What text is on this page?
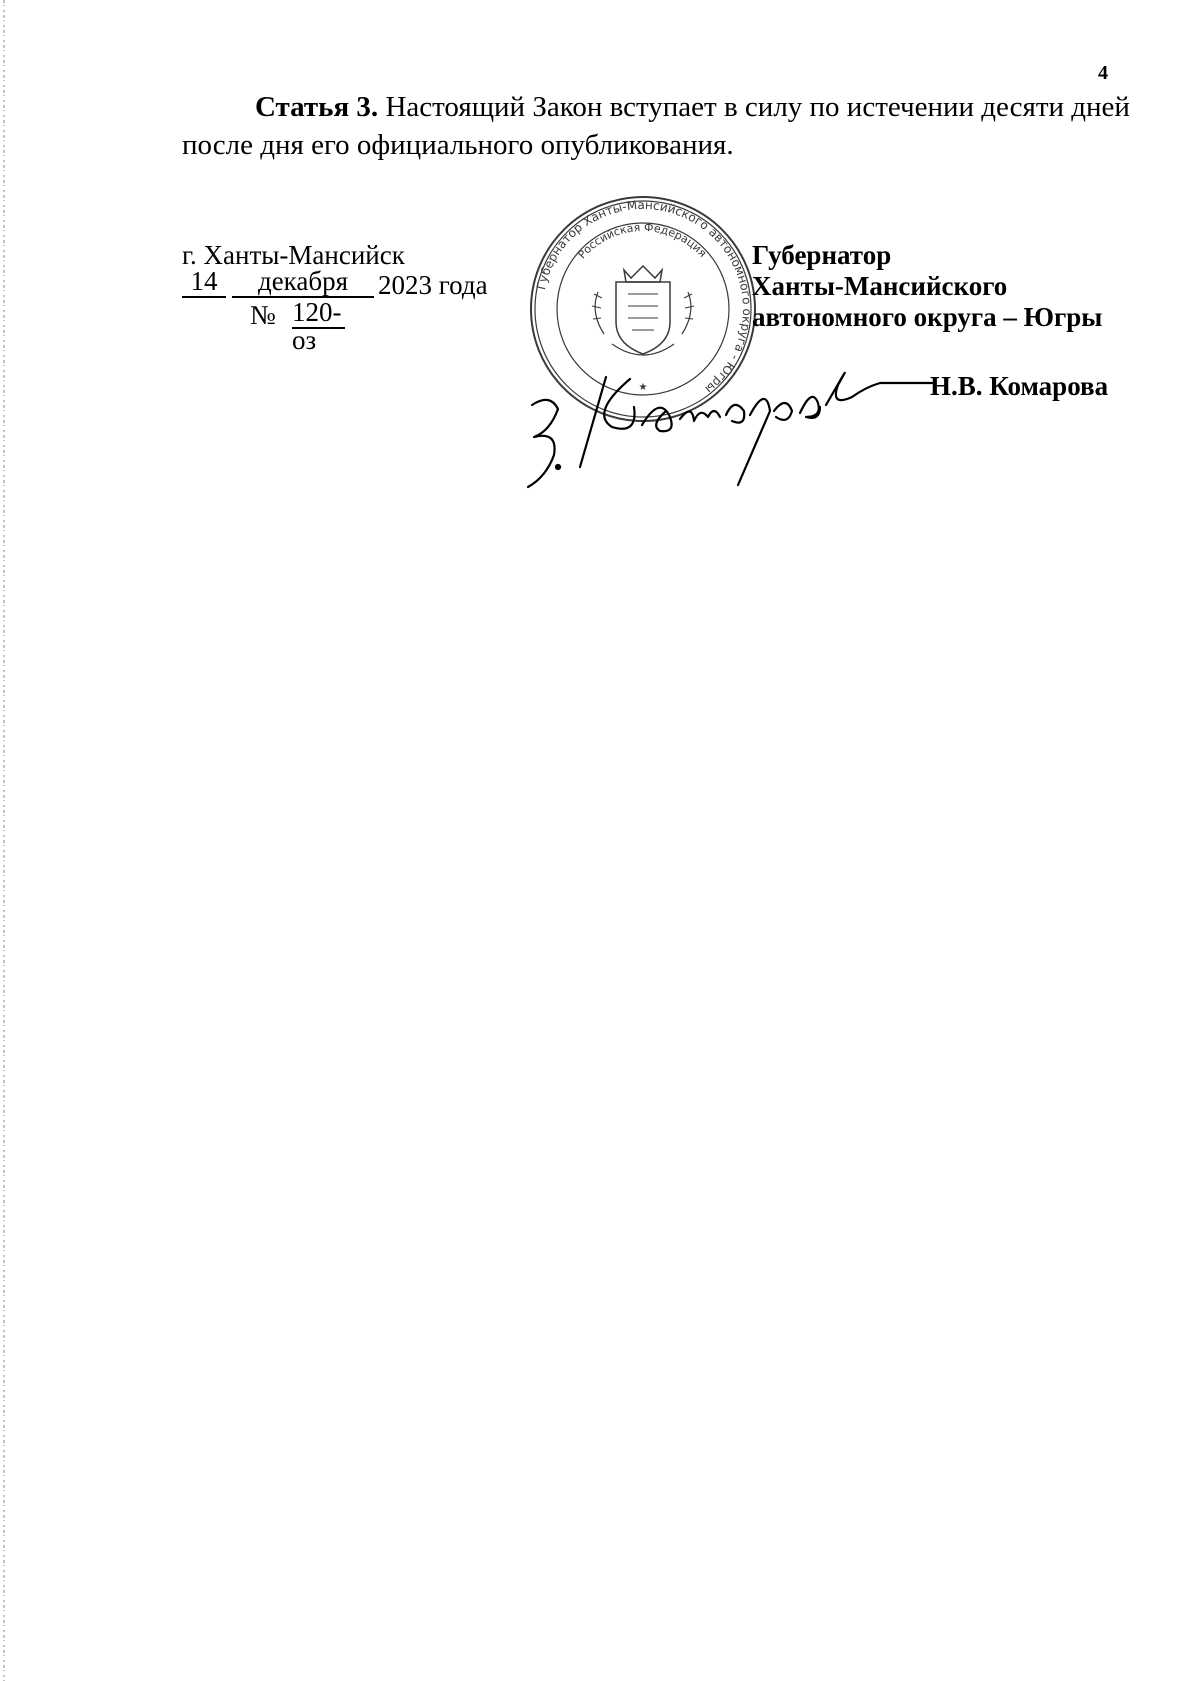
4
Статья 3. Настоящий Закон вступает в силу по истечении десяти дней
после дня его официального опубликования.
г. Ханты-Мансийск
14	декабря	2023 года
№ 120-оз
Губернатор Ханты-Мансийского автономного округа - Югры
Российская Федерация
★
Губернатор
Ханты-Мансийского
автономного округа – Югры
Н.В. Комарова
